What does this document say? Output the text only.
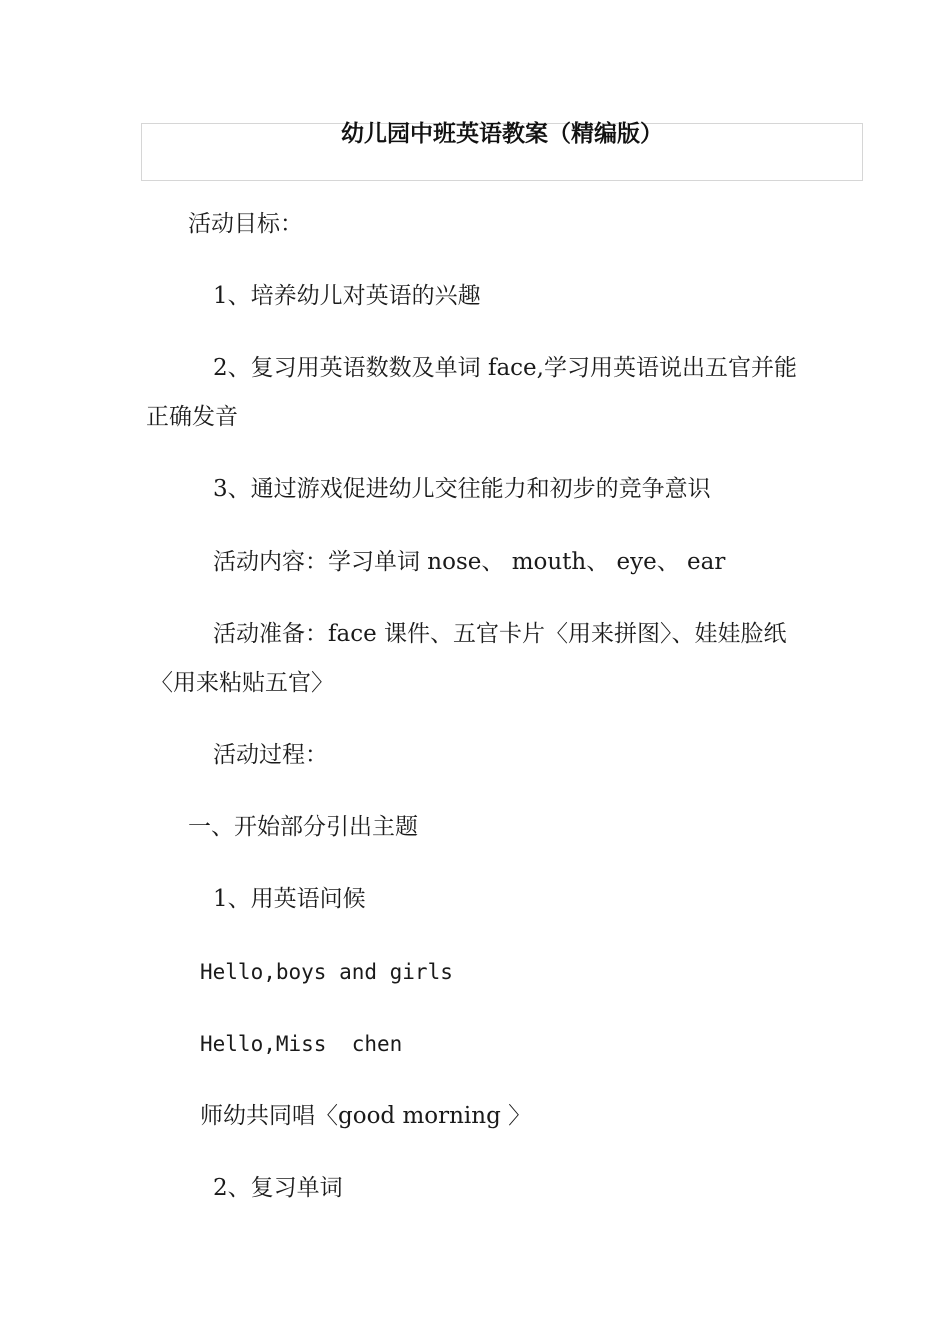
幼儿园中班英语教案（精编版）
活动目标：
1、培养幼儿对英语的兴趣
2、复习用英语数数及单词 face,学习用英语说出五官并能
正确发音
3、通过游戏促进幼儿交往能力和初步的竞争意识
活动内容：学习单词 nose、 mouth、 eye、 ear
活动准备：face 课件、五官卡片〈用来拼图〉、娃娃脸纸
〈用来粘贴五官〉
活动过程：
一、开始部分引出主题
1、用英语问候
Hello,boys and girls
Hello,Miss  chen
师幼共同唱〈good morning 〉
2、复习单词
